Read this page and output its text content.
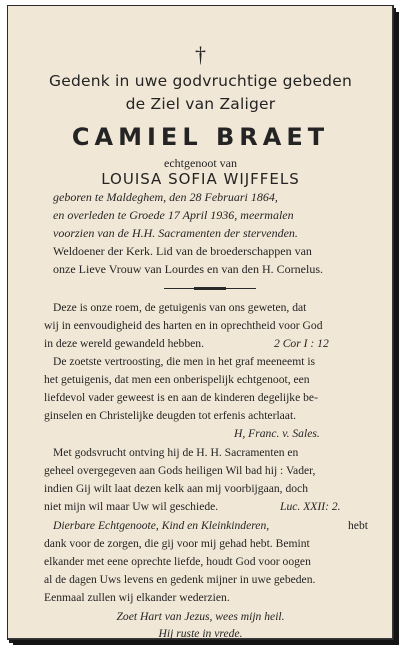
†
Gedenk in uwe godvruchtige gebeden
de Ziel van Zaliger
CAMIEL BRAET
echtgenoot van
LOUISA SOFIA WIJFFELS
geboren te Maldeghem, den 28 Februari 1864,
en overleden te Groede 17 April 1936, meermalen
voorzien van de H.H. Sacramenten der stervenden.
Weldoener der Kerk. Lid van de broederschappen van
onze Lieve Vrouw van Lourdes en van den H. Cornelus.
Deze is onze roem, de getuigenis van ons geweten, dat
wij in eenvoudigheid des harten en in oprechtheid voor God
in deze wereld gewandeld hebben.	2 Cor I : 12
De zoetste vertroosting, die men in het graf meeneemt is
het getuigenis, dat men een onberispelijk echtgenoot, een
liefdevol vader geweest is en aan de kinderen degelijke be-
ginselen en Christelijke deugden tot erfenis achterlaat.
H, Franc. v. Sales.
Met godsvrucht ontving hij de H. H. Sacramenten en
geheel overgegeven aan Gods heiligen Wil bad hij : Vader,
indien Gij wilt laat dezen kelk aan mij voorbijgaan, doch
niet mijn wil maar Uw wil geschiede.	Luc. XXII: 2.
Dierbare Echtgenoote, Kind en Kleinkinderen,	hebt
dank voor de zorgen, die gij voor mij gehad hebt. Bemint
elkander met eene oprechte liefde, houdt God voor oogen
al de dagen Uws levens en gedenk mijner in uwe gebeden.
Eenmaal zullen wij elkander wederzien.
Zoet Hart van Jezus, wees mijn heil.
Hij ruste in vrede.
